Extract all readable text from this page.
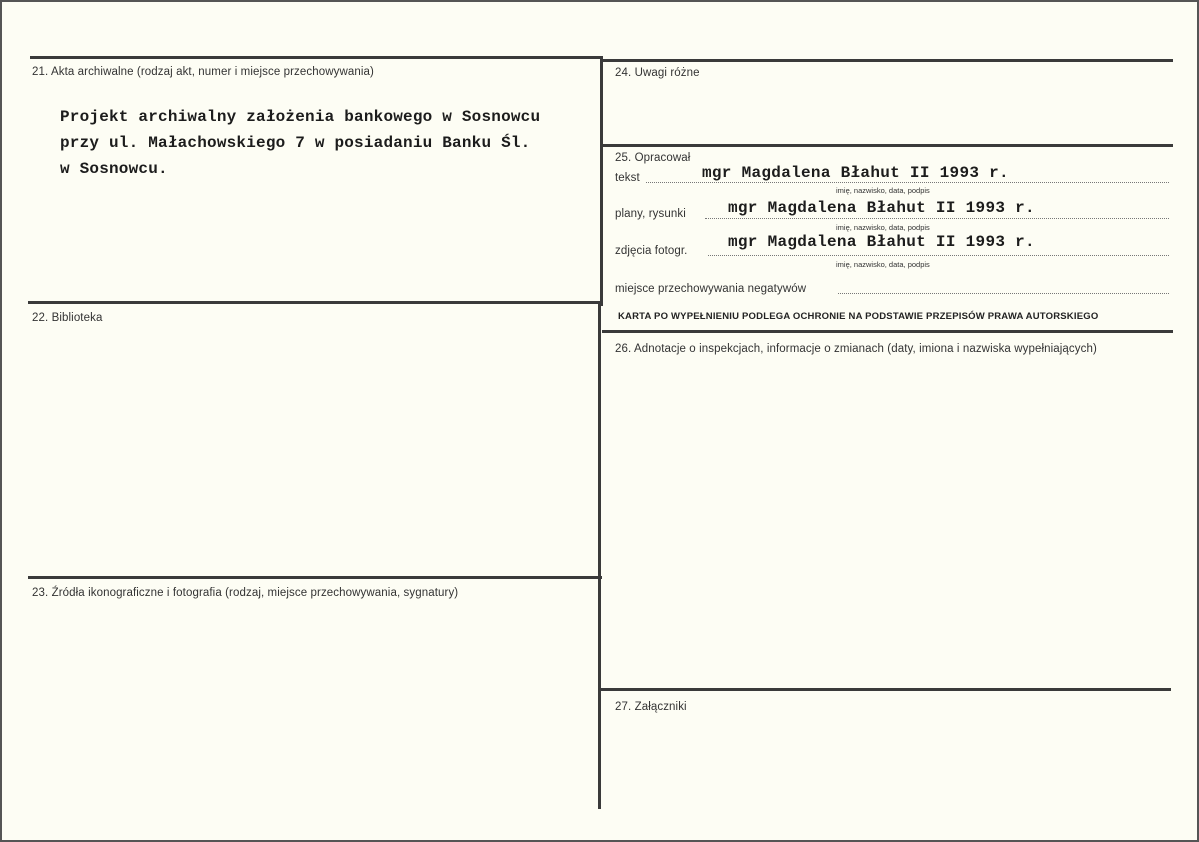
21. Akta archiwalne (rodzaj akt, numer i miejsce przechowywania)
Projekt archiwalny założenia bankowego w Sosnowcu
przy ul. Małachowskiego 7 w posiadaniu Banku Śl.
w Sosnowcu.
22. Biblioteka
23. Źródła ikonograficzne i fotografia (rodzaj, miejsce przechowywania, sygnatury)
24. Uwagi różne
25. Opracował
tekst	mgr Magdalena Błahut II 1993 r.
imię, nazwisko, data, podpis
plany, rysunki	mgr Magdalena Błahut II 1993 r.
imię, nazwisko, data, podpis
zdjęcia fotogr.	mgr Magdalena Błahut II 1993 r.
imię, nazwisko, data, podpis
miejsce przechowywania negatywów
KARTA PO WYPEŁNIENIU PODLEGA OCHRONIE NA PODSTAWIE PRZEPISÓW PRAWA AUTORSKIEGO
26. Adnotacje o inspekcjach, informacje o zmianach (daty, imiona i nazwiska wypełniających)
27. Załączniki
